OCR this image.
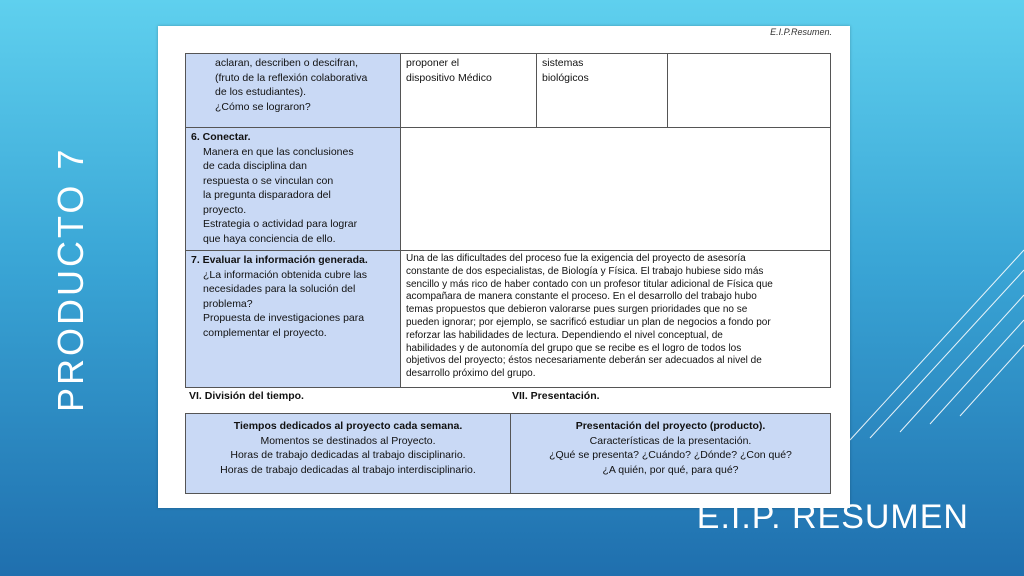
PRODUCTO 7
E.I.P.Resumen.
aclaran, describen o descifran,
(fruto de la reflexión colaborativa
de los estudiantes).
¿Cómo se lograron?
proponer el
dispositivo Médico
sistemas
biológicos
6. Conectar.
Manera en que las conclusiones
de cada disciplina dan
respuesta o se vinculan con
la pregunta disparadora del
proyecto.
Estrategia o actividad para lograr
que haya conciencia de ello.
7. Evaluar la información generada.
¿La información obtenida cubre las
necesidades para la solución del
problema?
Propuesta de investigaciones para
complementar el proyecto.
Una de las dificultades del proceso fue la exigencia del proyecto de asesoría
constante de dos especialistas, de Biología y Física. El trabajo hubiese sido más
sencillo y más rico de haber contado con un profesor titular adicional de Física que
acompañara de manera constante el proceso. En el desarrollo del trabajo hubo
temas propuestos que debieron valorarse pues surgen prioridades que no se
pueden ignorar; por ejemplo, se sacrificó estudiar un plan de negocios a fondo por
reforzar las habilidades de lectura. Dependiendo el nivel conceptual, de
habilidades y de autonomía del grupo que se recibe es el logro de todos los
objetivos del proyecto; éstos necesariamente deberán ser adecuados al nivel de
desarrollo próximo del grupo.
VI. División del tiempo.	VII. Presentación.
Tiempos dedicados al proyecto cada semana.
Momentos se destinados al Proyecto.
Horas de trabajo dedicadas al trabajo disciplinario.
Horas de trabajo dedicadas al trabajo interdisciplinario.
Presentación del proyecto (producto).
Características de la presentación.
¿Qué se presenta? ¿Cuándo? ¿Dónde? ¿Con qué?
¿A quién, por qué, para qué?
E.I.P. RESUMEN
